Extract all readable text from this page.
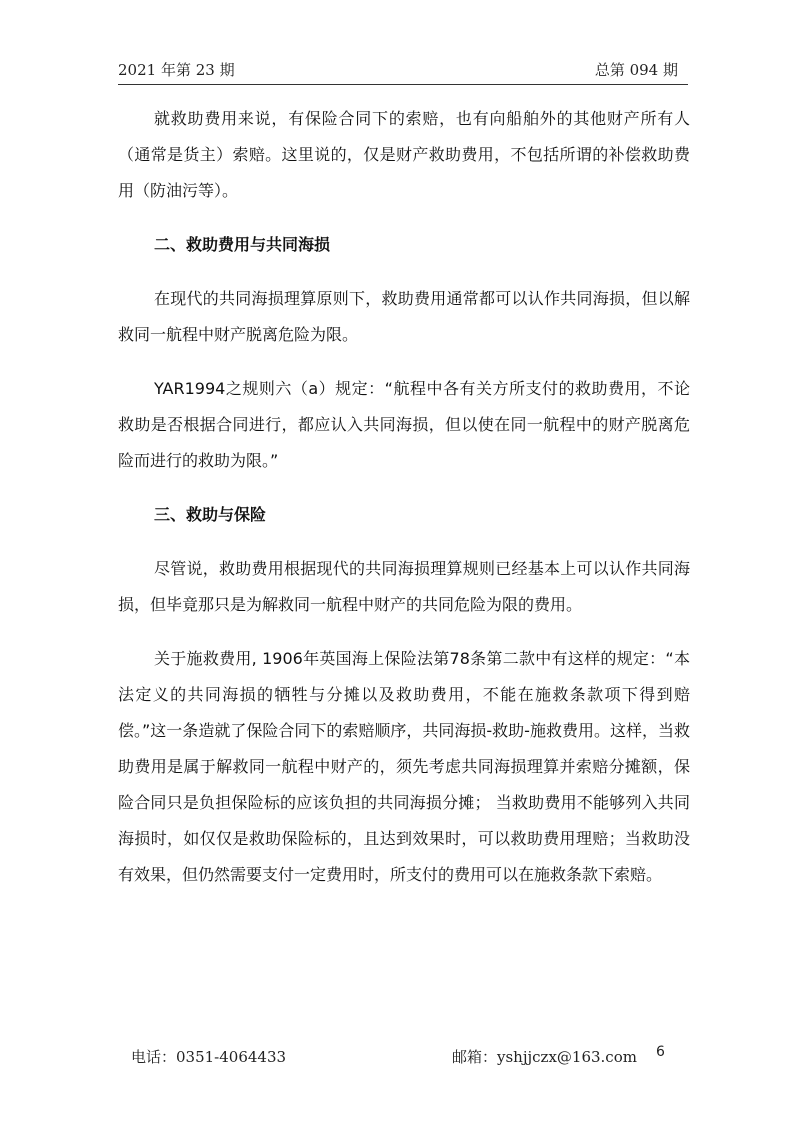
2021 年第 23 期	总第 094 期

就救助费用来说，有保险合同下的索赔，也有向船舶外的其他财产所有人（通常是货主）索赔。这里说的，仅是财产救助费用，不包括所谓的补偿救助费用（防油污等）。

二、救助费用与共同海损

在现代的共同海损理算原则下，救助费用通常都可以认作共同海损，但以解救同一航程中财产脱离危险为限。

YAR1994之规则六（a）规定：“航程中各有关方所支付的救助费用，不论救助是否根据合同进行，都应认入共同海损，但以使在同一航程中的财产脱离危险而进行的救助为限。”

三、救助与保险

尽管说，救助费用根据现代的共同海损理算规则已经基本上可以认作共同海损，但毕竟那只是为解救同一航程中财产的共同危险为限的费用。

关于施救费用, 1906年英国海上保险法第78条第二款中有这样的规定：“本法定义的共同海损的牺牲与分摊以及救助费用，不能在施救条款项下得到赔偿。”这一条造就了保险合同下的索赔顺序，共同海损-救助-施救费用。这样，当救助费用是属于解救同一航程中财产的，须先考虑共同海损理算并索赔分摊额，保险合同只是负担保险标的应该负担的共同海损分摊； 当救助费用不能够列入共同海损时，如仅仅是救助保险标的，且达到效果时，可以救助费用理赔；当救助没有效果，但仍然需要支付一定费用时，所支付的费用可以在施救条款下索赔。

电话：0351-4064433	邮箱：yshjjczx@163.com 6
